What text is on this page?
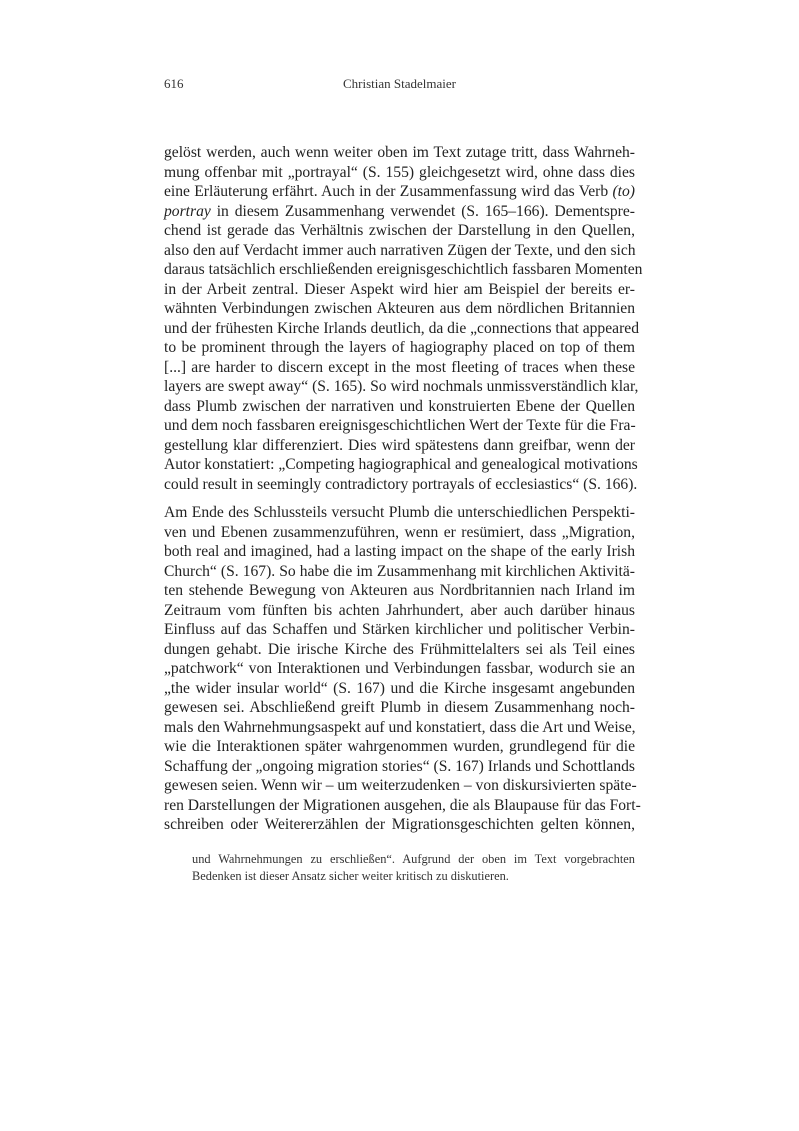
616	Christian Stadelmaier
gelöst werden, auch wenn weiter oben im Text zutage tritt, dass Wahrneh-
mung offenbar mit „portrayal“ (S. 155) gleichgesetzt wird, ohne dass dies
eine Erläuterung erfährt. Auch in der Zusammenfassung wird das Verb (to)
portray in diesem Zusammenhang verwendet (S. 165–166). Dementspre-
chend ist gerade das Verhältnis zwischen der Darstellung in den Quellen,
also den auf Verdacht immer auch narrativen Zügen der Texte, und den sich
daraus tatsächlich erschließenden ereignisgeschichtlich fassbaren Momenten
in der Arbeit zentral. Dieser Aspekt wird hier am Beispiel der bereits er-
wähnten Verbindungen zwischen Akteuren aus dem nördlichen Britannien
und der frühesten Kirche Irlands deutlich, da die „connections that appeared
to be prominent through the layers of hagiography placed on top of them
[...] are harder to discern except in the most fleeting of traces when these
layers are swept away“ (S. 165). So wird nochmals unmissverständlich klar,
dass Plumb zwischen der narrativen und konstruierten Ebene der Quellen
und dem noch fassbaren ereignisgeschichtlichen Wert der Texte für die Fra-
gestellung klar differenziert. Dies wird spätestens dann greifbar, wenn der
Autor konstatiert: „Competing hagiographical and genealogical motivations
could result in seemingly contradictory portrayals of ecclesiastics“ (S. 166).
Am Ende des Schlussteils versucht Plumb die unterschiedlichen Perspekti-
ven und Ebenen zusammenzuführen, wenn er resümiert, dass „Migration,
both real and imagined, had a lasting impact on the shape of the early Irish
Church“ (S. 167). So habe die im Zusammenhang mit kirchlichen Aktivitä-
ten stehende Bewegung von Akteuren aus Nordbritannien nach Irland im
Zeitraum vom fünften bis achten Jahrhundert, aber auch darüber hinaus
Einfluss auf das Schaffen und Stärken kirchlicher und politischer Verbin-
dungen gehabt. Die irische Kirche des Frühmittelalters sei als Teil eines
„patchwork“ von Interaktionen und Verbindungen fassbar, wodurch sie an
„the wider insular world“ (S. 167) und die Kirche insgesamt angebunden
gewesen sei. Abschließend greift Plumb in diesem Zusammenhang noch-
mals den Wahrnehmungsaspekt auf und konstatiert, dass die Art und Weise,
wie die Interaktionen später wahrgenommen wurden, grundlegend für die
Schaffung der „ongoing migration stories“ (S. 167) Irlands und Schottlands
gewesen seien. Wenn wir – um weiterzudenken – von diskursivierten späte-
ren Darstellungen der Migrationen ausgehen, die als Blaupause für das Fort-
schreiben oder Weitererzählen der Migrationsgeschichten gelten können,
und Wahrnehmungen zu erschließen“. Aufgrund der oben im Text vorgebrachten
Bedenken ist dieser Ansatz sicher weiter kritisch zu diskutieren.
